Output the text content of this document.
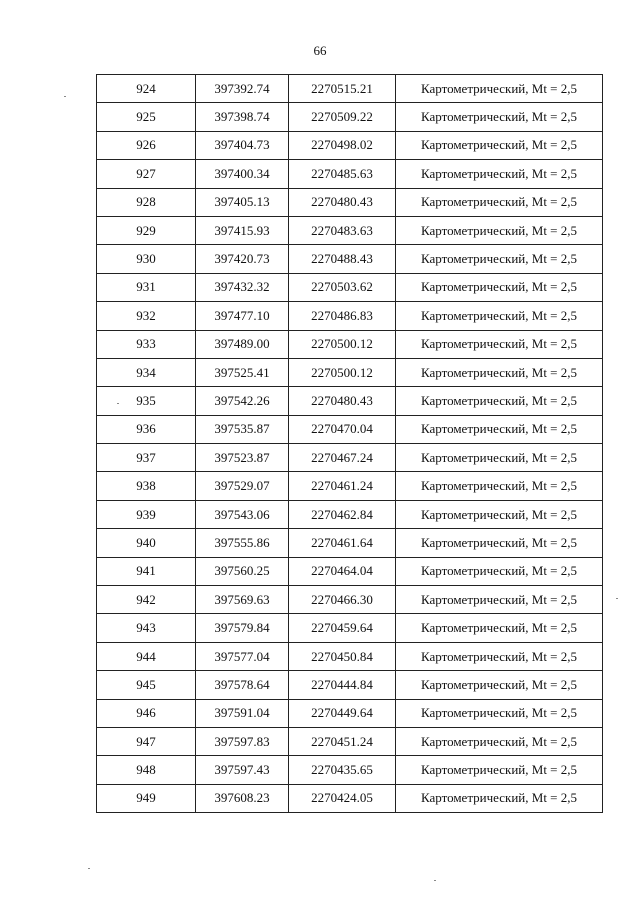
66
924	397392.74	2270515.21	Картометрический, Mt = 2,5
925	397398.74	2270509.22	Картометрический, Mt = 2,5
926	397404.73	2270498.02	Картометрический, Mt = 2,5
927	397400.34	2270485.63	Картометрический, Mt = 2,5
928	397405.13	2270480.43	Картометрический, Mt = 2,5
929	397415.93	2270483.63	Картометрический, Mt = 2,5
930	397420.73	2270488.43	Картометрический, Mt = 2,5
931	397432.32	2270503.62	Картометрический, Mt = 2,5
932	397477.10	2270486.83	Картометрический, Mt = 2,5
933	397489.00	2270500.12	Картометрический, Mt = 2,5
934	397525.41	2270500.12	Картометрический, Mt = 2,5
935	397542.26	2270480.43	Картометрический, Mt = 2,5
936	397535.87	2270470.04	Картометрический, Mt = 2,5
937	397523.87	2270467.24	Картометрический, Mt = 2,5
938	397529.07	2270461.24	Картометрический, Mt = 2,5
939	397543.06	2270462.84	Картометрический, Mt = 2,5
940	397555.86	2270461.64	Картометрический, Mt = 2,5
941	397560.25	2270464.04	Картометрический, Mt = 2,5
942	397569.63	2270466.30	Картометрический, Mt = 2,5
943	397579.84	2270459.64	Картометрический, Mt = 2,5
944	397577.04	2270450.84	Картометрический, Mt = 2,5
945	397578.64	2270444.84	Картометрический, Mt = 2,5
946	397591.04	2270449.64	Картометрический, Mt = 2,5
947	397597.83	2270451.24	Картометрический, Mt = 2,5
948	397597.43	2270435.65	Картометрический, Mt = 2,5
949	397608.23	2270424.05	Картометрический, Mt = 2,5
